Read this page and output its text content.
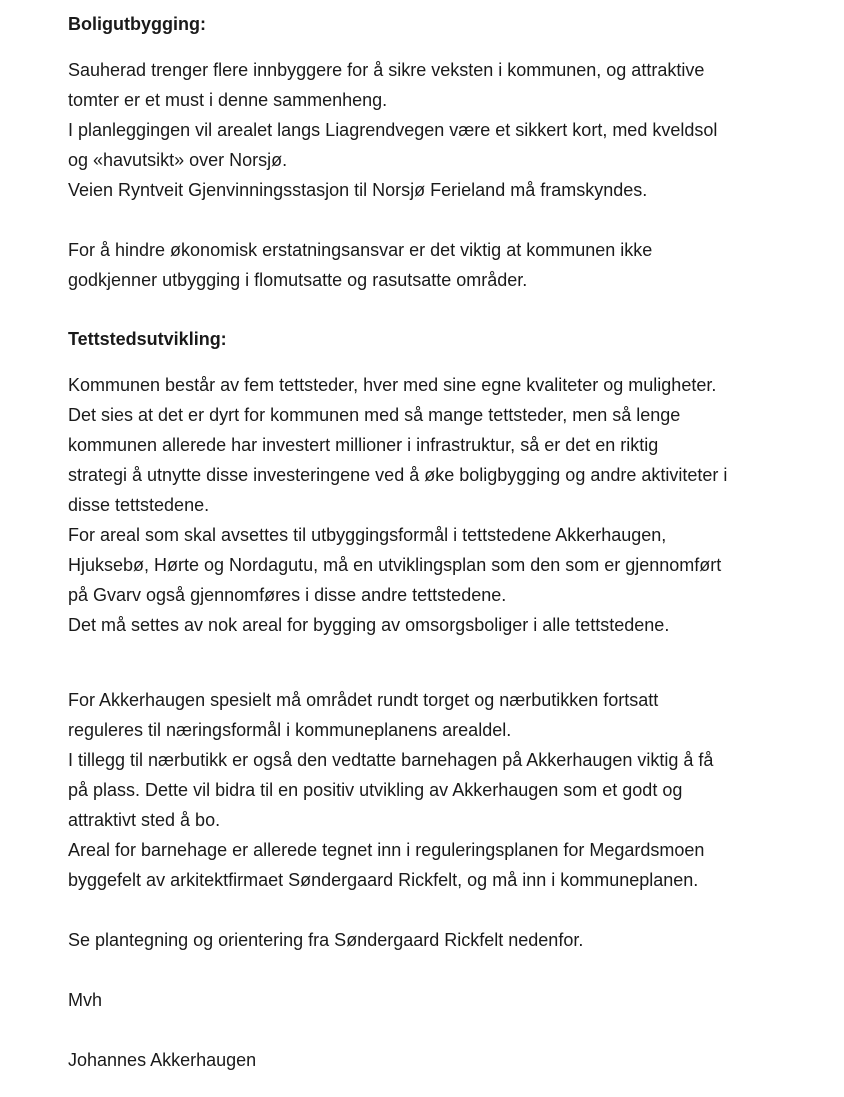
Boligutbygging:
Sauherad trenger flere innbyggere for å sikre veksten i kommunen, og attraktive
tomter er et must i denne sammenheng.
I planleggingen vil arealet langs Liagrendvegen være et sikkert kort, med kveldsol
og «havutsikt» over Norsjø.
Veien Ryntveit Gjenvinningsstasjon til Norsjø Ferieland må framskyndes.
For å hindre økonomisk erstatningsansvar er det viktig at kommunen ikke
godkjenner utbygging i flomutsatte og rasutsatte områder.
Tettstedsutvikling:
Kommunen består av fem tettsteder, hver med sine egne kvaliteter og muligheter.
Det sies at det er dyrt for kommunen med så mange tettsteder, men så lenge
kommunen allerede har investert millioner i infrastruktur, så er det en riktig
strategi å utnytte disse investeringene ved å øke boligbygging og andre aktiviteter i
disse tettstedene.
For areal som skal avsettes til utbyggingsformål i tettstedene Akkerhaugen,
Hjuksebø, Hørte og Nordagutu, må en utviklingsplan som den som er gjennomført
på Gvarv også gjennomføres i disse andre tettstedene.
Det må settes av nok areal for bygging av omsorgsboliger i alle tettstedene.
For Akkerhaugen spesielt må området rundt torget og nærbutikken fortsatt
reguleres til næringsformål i kommuneplanens arealdel.
I tillegg til nærbutikk er også den vedtatte barnehagen på Akkerhaugen viktig å få
på plass. Dette vil bidra til en positiv utvikling av Akkerhaugen som et godt og
attraktivt sted å bo.
Areal for barnehage er allerede tegnet inn i reguleringsplanen for Megardsmoen
byggefelt av arkitektfirmaet Søndergaard Rickfelt, og må inn i kommuneplanen.
Se plantegning og orientering fra Søndergaard Rickfelt nedenfor.
Mvh
Johannes Akkerhaugen
